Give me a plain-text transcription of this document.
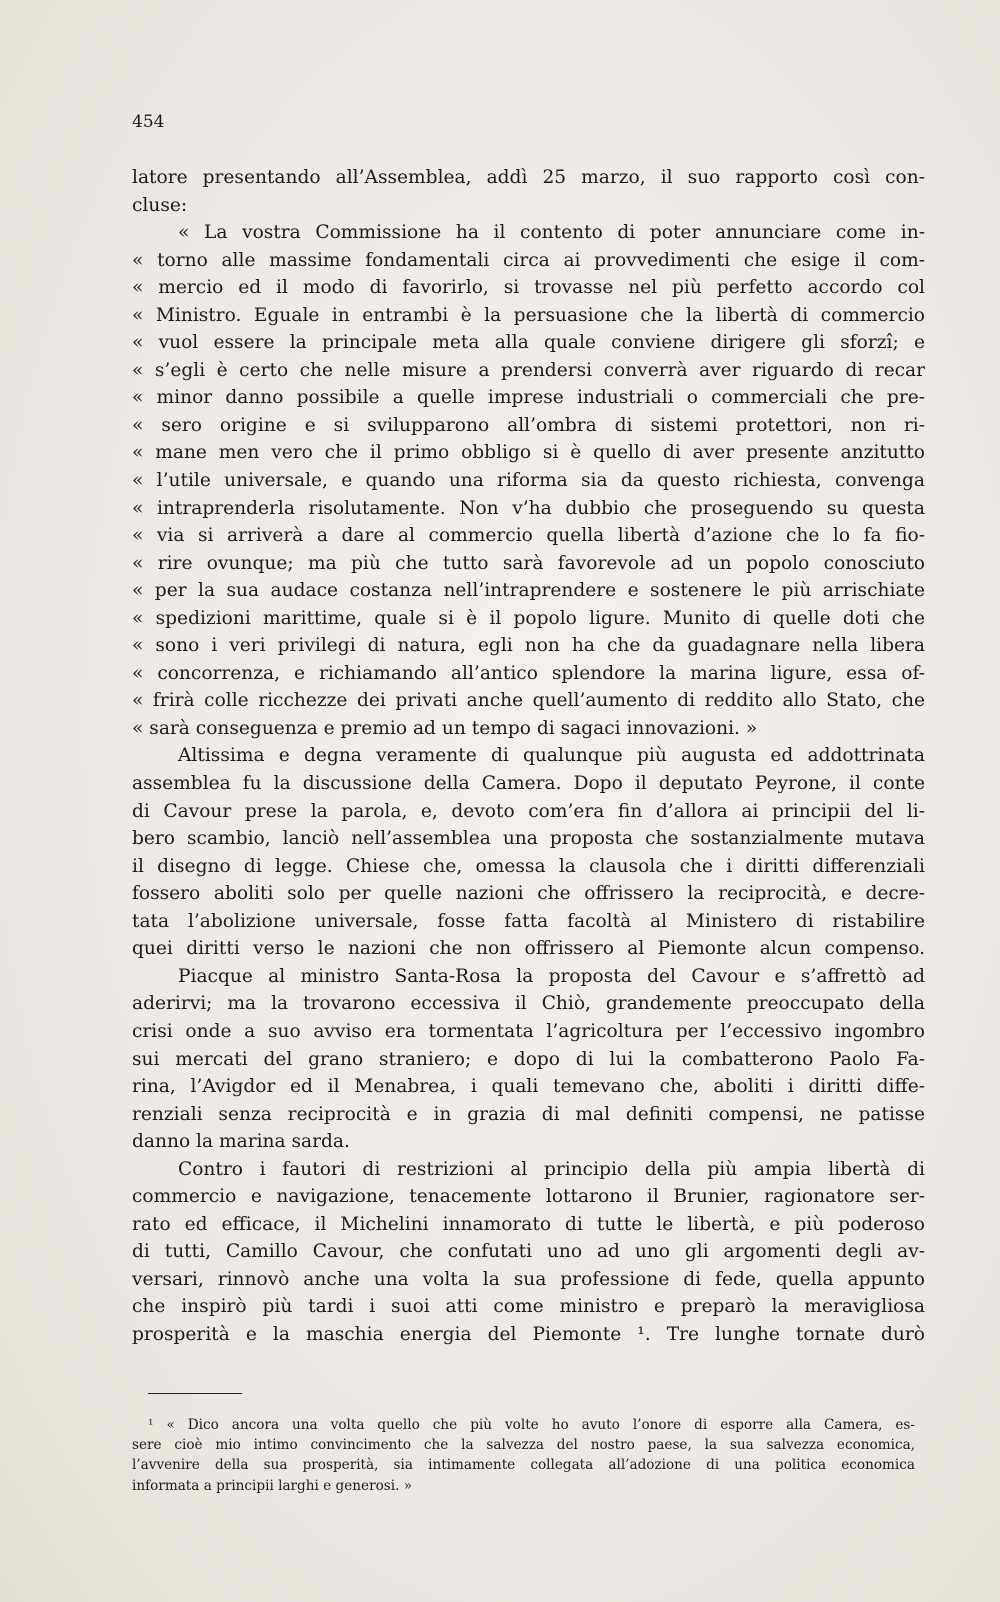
454
latore presentando all’Assemblea, addì 25 marzo, il suo rapporto così con-
cluse:
« La vostra Commissione ha il contento di poter annunciare come in-
« torno alle massime fondamentali circa ai provvedimenti che esige il com-
« mercio ed il modo di favorirlo, si trovasse nel più perfetto accordo col
« Ministro. Eguale in entrambi è la persuasione che la libertà di commercio
« vuol essere la principale meta alla quale conviene dirigere gli sforzî; e
« s’egli è certo che nelle misure a prendersi converrà aver riguardo di recar
« minor danno possibile a quelle imprese industriali o commerciali che pre-
« sero origine e si svilupparono all’ombra di sistemi protettori, non ri-
« mane men vero che il primo obbligo si è quello di aver presente anzitutto
« l’utile universale, e quando una riforma sia da questo richiesta, convenga
« intraprenderla risolutamente. Non v’ha dubbio che proseguendo su questa
« via si arriverà a dare al commercio quella libertà d’azione che lo fa fio-
« rire ovunque; ma più che tutto sarà favorevole ad un popolo conosciuto
« per la sua audace costanza nell’intraprendere e sostenere le più arrischiate
« spedizioni marittime, quale si è il popolo ligure. Munito di quelle doti che
« sono i veri privilegi di natura, egli non ha che da guadagnare nella libera
« concorrenza, e richiamando all’antico splendore la marina ligure, essa of-
« frirà colle ricchezze dei privati anche quell’aumento di reddito allo Stato, che
« sarà conseguenza e premio ad un tempo di sagaci innovazioni. »
Altissima e degna veramente di qualunque più augusta ed addottrinata
assemblea fu la discussione della Camera. Dopo il deputato Peyrone, il conte
di Cavour prese la parola, e, devoto com’era fin d’allora ai principii del li-
bero scambio, lanciò nell’assemblea una proposta che sostanzialmente mutava
il disegno di legge. Chiese che, omessa la clausola che i diritti differenziali
fossero aboliti solo per quelle nazioni che offrissero la reciprocità, e decre-
tata l’abolizione universale, fosse fatta facoltà al Ministero di ristabilire
quei diritti verso le nazioni che non offrissero al Piemonte alcun compenso.
Piacque al ministro Santa-Rosa la proposta del Cavour e s’affrettò ad
aderirvi; ma la trovarono eccessiva il Chiò, grandemente preoccupato della
crisi onde a suo avviso era tormentata l’agricoltura per l’eccessivo ingombro
sui mercati del grano straniero; e dopo di lui la combatterono Paolo Fa-
rina, l’Avigdor ed il Menabrea, i quali temevano che, aboliti i diritti diffe-
renziali senza reciprocità e in grazia di mal definiti compensi, ne patisse
danno la marina sarda.
Contro i fautori di restrizioni al principio della più ampia libertà di
commercio e navigazione, tenacemente lottarono il Brunier, ragionatore ser-
rato ed efficace, il Michelini innamorato di tutte le libertà, e più poderoso
di tutti, Camillo Cavour, che confutati uno ad uno gli argomenti degli av-
versari, rinnovò anche una volta la sua professione di fede, quella appunto
che inspirò più tardi i suoi atti come ministro e preparò la meravigliosa
prosperità e la maschia energia del Piemonte ¹. Tre lunghe tornate durò
¹ « Dico ancora una volta quello che più volte ho avuto l’onore di esporre alla Camera, es-
sere cioè mio intimo convincimento che la salvezza del nostro paese, la sua salvezza economica,
l’avvenire della sua prosperità, sia intimamente collegata all’adozione di una politica economica
informata a principii larghi e generosi. »
